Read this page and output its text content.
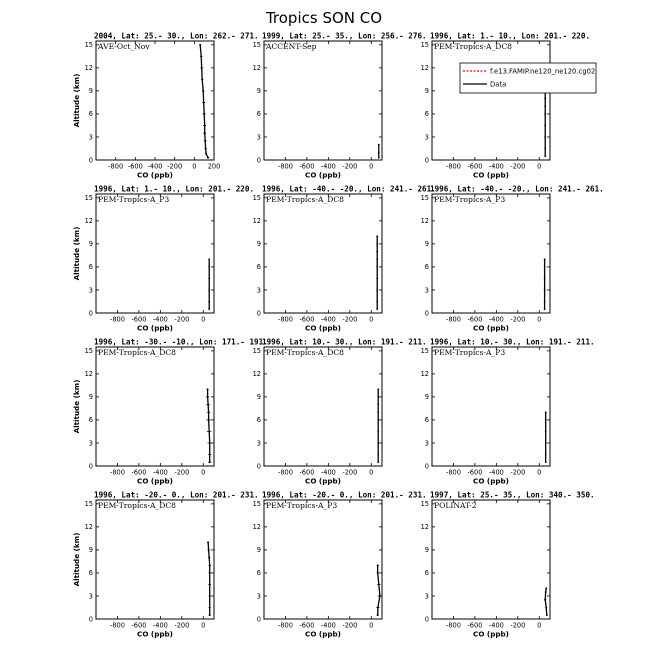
Tropics SON CO
2004, Lat: 25.- 30., Lon: 262.- 271.
AVE-Oct_Nov
0
3
6
9
12
15
-800 -600 -400 -200 0 200
CO (ppb)
Altitude (km)
1999, Lat: 25.- 35., Lon: 256.- 276.
ACCENT-Sep
0
3
6
9
12
15
-800 -600 -400 -200 0
CO (ppb)
1996, Lat: 1.- 10., Lon: 201.- 220.
PEM-Tropics-A_DC8
0
3
6
9
12
15
-800 -600 -400 -200 0
CO (ppb)
1996, Lat: 1.- 10., Lon: 201.- 220.
PEM-Tropics-A_P3
0
3
6
9
12
15
-800 -600 -400 -200 0
CO (ppb)
Altitude (km)
1996, Lat: -40.- -20., Lon: 241.- 261.
PEM-Tropics-A_DC8
0
3
6
9
12
15
-800 -600 -400 -200 0
CO (ppb)
1996, Lat: -40.- -20., Lon: 241.- 261.
PEM-Tropics-A_P3
0
3
6
9
12
15
-800 -600 -400 -200 0
CO (ppb)
1996, Lat: -30.- -10., Lon: 171.- 191.
PEM-Tropics-A_DC8
0
3
6
9
12
15
-800 -600 -400 -200 0
CO (ppb)
Altitude (km)
1996, Lat: 10.- 30., Lon: 191.- 211.
PEM-Tropics-A_DC8
0
3
6
9
12
15
-800 -600 -400 -200 0
CO (ppb)
1996, Lat: 10.- 30., Lon: 191.- 211.
PEM-Tropics-A_P3
0
3
6
9
12
15
-800 -600 -400 -200 0
CO (ppb)
1996, Lat: -20.- 0., Lon: 201.- 231.
PEM-Tropics-A_DC8
0
3
6
9
12
15
-800 -600 -400 -200 0
CO (ppb)
Altitude (km)
1996, Lat: -20.- 0., Lon: 201.- 231.
PEM-Tropics-A_P3
0
3
6
9
12
15
-800 -600 -400 -200 0
CO (ppb)
1997, Lat: 25.- 35., Lon: 340.- 350.
POLINAT-2
0
3
6
9
12
15
-800 -600 -400 -200 0
CO (ppb)
f.e13.FAMIP.ne120_ne120.cg02
Data
